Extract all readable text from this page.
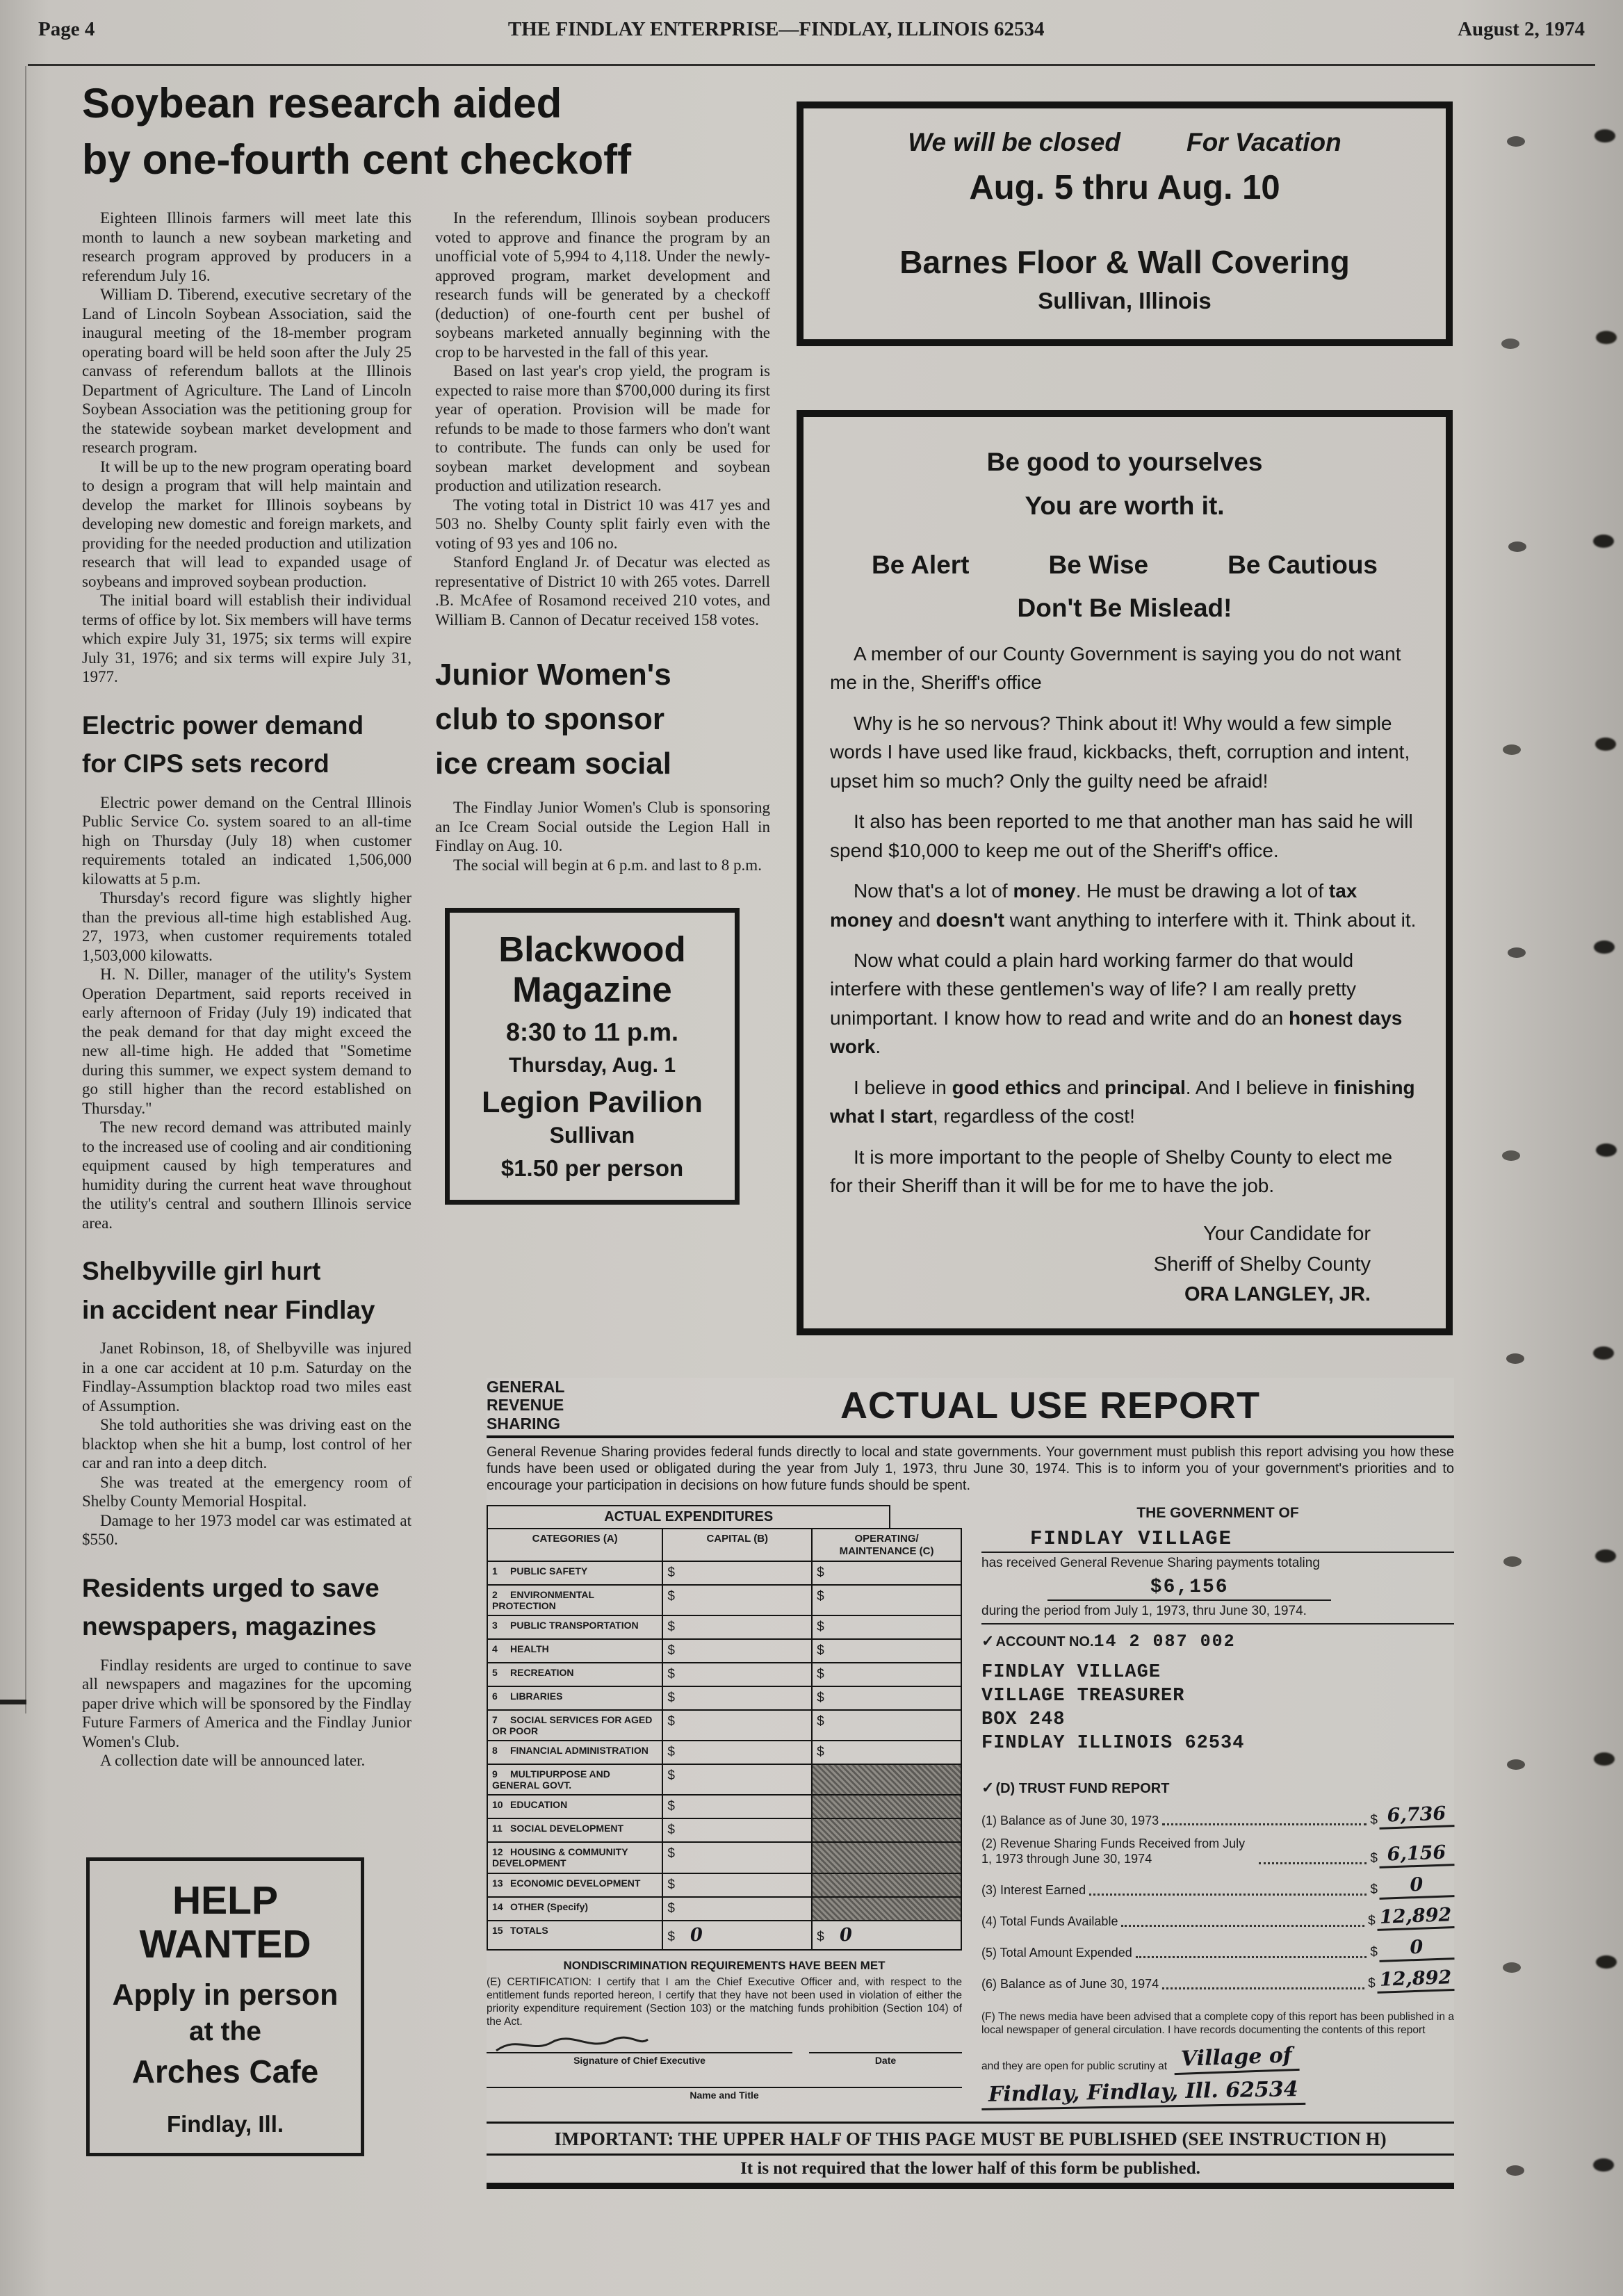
Page 4	THE FINDLAY ENTERPRISE—FINDLAY, ILLINOIS 62534	August 2, 1974
Soybean research aided
by one-fourth cent checkoff

Eighteen Illinois farmers will meet late this month to launch a new soybean marketing and research program approved by producers in a referendum July 16.

William D. Tiberend, executive secretary of the Land of Lincoln Soybean Association, said the inaugural meeting of the 18-member program operating board will be held soon after the July 25 canvass of referendum ballots at the Illinois Department of Agriculture. The Land of Lincoln Soybean Association was the petitioning group for the statewide soybean market development and research program.

It will be up to the new program operating board to design a program that will help maintain and develop the market for Illinois soybeans by developing new domestic and foreign markets, and providing for the needed production and utilization research that will lead to expanded usage of soybeans and improved soybean production.

The initial board will establish their individual terms of office by lot. Six members will have terms which expire July 31, 1975; six terms will expire July 31, 1976; and six terms will expire July 31, 1977.

Electric power demand
for CIPS sets record

Electric power demand on the Central Illinois Public Service Co. system soared to an all-time high on Thursday (July 18) when customer requirements totaled an indicated 1,506,000 kilowatts at 5 p.m.

Thursday's record figure was slightly higher than the previous all-time high established Aug. 27, 1973, when customer requirements totaled 1,503,000 kilowatts.

H. N. Diller, manager of the utility's System Operation Department, said reports received in early afternoon of Friday (July 19) indicated that the peak demand for that day might exceed the new all-time high. He added that "Sometime during this summer, we expect system demand to go still higher than the record established on Thursday."

The new record demand was attributed mainly to the increased use of cooling and air conditioning equipment caused by high temperatures and humidity during the current heat wave throughout the utility's central and southern Illinois service area.

Shelbyville girl hurt
in accident near Findlay

Janet Robinson, 18, of Shelbyville was injured in a one car accident at 10 p.m. Saturday on the Findlay-Assumption blacktop road two miles east of Assumption.

She told authorities she was driving east on the blacktop when she hit a bump, lost control of her car and ran into a deep ditch.

She was treated at the emergency room of Shelby County Memorial Hospital.

Damage to her 1973 model car was estimated at $550.

Residents urged to save
newspapers, magazines

Findlay residents are urged to continue to save all newspapers and magazines for the upcoming paper drive which will be sponsored by the Findlay Future Farmers of America and the Findlay Junior Women's Club.

A collection date will be announced later.

HELP
WANTED
Apply in person
at the
Arches Cafe
Findlay, Ill.

In the referendum, Illinois soybean producers voted to approve and finance the program by an unofficial vote of 5,994 to 4,118. Under the newly-approved program, market development and research funds will be generated by a checkoff (deduction) of one-fourth cent per bushel of soybeans marketed annually beginning with the crop to be harvested in the fall of this year.

Based on last year's crop yield, the program is expected to raise more than $700,000 during its first year of operation. Provision will be made for refunds to be made to those farmers who don't want to contribute. The funds can only be used for soybean market development and soybean production and utilization research.

The voting total in District 10 was 417 yes and 503 no. Shelby County split fairly even with the voting of 93 yes and 106 no.

Stanford England Jr. of Decatur was elected as representative of District 10 with 265 votes. Darrell .B. McAfee of Rosamond received 210 votes, and William B. Cannon of Decatur received 158 votes.

Junior Women's
club to sponsor
ice cream social

The Findlay Junior Women's Club is sponsoring an Ice Cream Social outside the Legion Hall in Findlay on Aug. 10.

The social will begin at 6 p.m. and last to 8 p.m.

Blackwood
Magazine
8:30 to 11 p.m.
Thursday, Aug. 1
Legion Pavilion
Sullivan
$1.50 per person
We will be closed	For Vacation
Aug. 5 thru Aug. 10
Barnes Floor & Wall Covering
Sullivan, Illinois
Be good to yourselves
You are worth it.
Be Alert	Be Wise	Be Cautious
Don't Be Mislead!

A member of our County Government is saying you do not want me in the, Sheriff's office

Why is he so nervous? Think about it! Why would a few simple words I have used like fraud, kickbacks, theft, corruption and intent, upset him so much? Only the guilty need be afraid!

It also has been reported to me that another man has said he will spend $10,000 to keep me out of the Sheriff's office.

Now that's a lot of money. He must be drawing a lot of tax money and doesn't want anything to interfere with it. Think about it.

Now what could a plain hard working farmer do that would interfere with these gentlemen's way of life? I am really pretty unimportant. I know how to read and write and do an honest days work.

I believe in good ethics and principal. And I believe in finishing what I start, regardless of the cost!

It is more important to the people of Shelby County to elect me for their Sheriff than it will be for me to have the job.

Your Candidate for
Sheriff of Shelby County
ORA LANGLEY, JR.
GENERAL
REVENUE
SHARING	ACTUAL USE REPORT

General Revenue Sharing provides federal funds directly to local and state governments. Your government must publish this report advising you how these funds have been used or obligated during the year from July 1, 1973, thru June 30, 1974. This is to inform you of your government's priorities and to encourage your participation in decisions on how future funds should be spent.

ACTUAL EXPENDITURES
CATEGORIES (A)	CAPITAL (B)	OPERATING/ MAINTENANCE (C)
1 PUBLIC SAFETY	$	$
2 ENVIRONMENTAL PROTECTION	$	$
3 PUBLIC TRANSPORTATION	$	$
4 HEALTH	$	$
5 RECREATION	$	$
6 LIBRARIES	$	$
7 SOCIAL SERVICES FOR AGED OR POOR	$	$
8 FINANCIAL ADMINISTRATION	$	$
9 MULTIPURPOSE AND GENERAL GOVT.	$	
10 EDUCATION	$	
11 SOCIAL DEVELOPMENT	$	
12 HOUSING & COMMUNITY DEVELOPMENT	$	
13 ECONOMIC DEVELOPMENT	$	
14 OTHER (Specify)	$	
15 TOTALS	$ 0	$ 0
NONDISCRIMINATION REQUIREMENTS HAVE BEEN MET

(E) CERTIFICATION: I certify that I am the Chief Executive Officer and, with respect to the entitlement funds reported hereon, I certify that they have not been used in violation of either the priority expenditure requirement (Section 103) or the matching funds prohibition (Section 104) of the Act.

Signature of Chief Executive	Date
Name and Title
THE GOVERNMENT OF
FINDLAY VILLAGE
has received General Revenue Sharing payments totaling
$6,156
during the period from July 1, 1973, thru June 30, 1974.
✓ ACCOUNT NO.14 2 087 002
FINDLAY VILLAGE
VILLAGE TREASURER
BOX 248
FINDLAY ILLINOIS 62534
✓ (D) TRUST FUND REPORT
(1) Balance as of June 30, 1973	$ 6,736
(2) Revenue Sharing Funds Received from July 1, 1973 through June 30, 1974	$ 6,156
(3) Interest Earned	$	0
(4) Total Funds Available	$ 12,892
(5) Total Amount Expended	$	0
(6) Balance as of June 30, 1974	$ 12,892

(F) The news media have been advised that a complete copy of this report has been published in a local newspaper of general circulation. I have records documenting the contents of this report

and they are open for public scrutiny at Village of
Findlay, Findlay, Ill. 62534
IMPORTANT: THE UPPER HALF OF THIS PAGE MUST BE PUBLISHED (SEE INSTRUCTION H)
It is not required that the lower half of this form be published.
